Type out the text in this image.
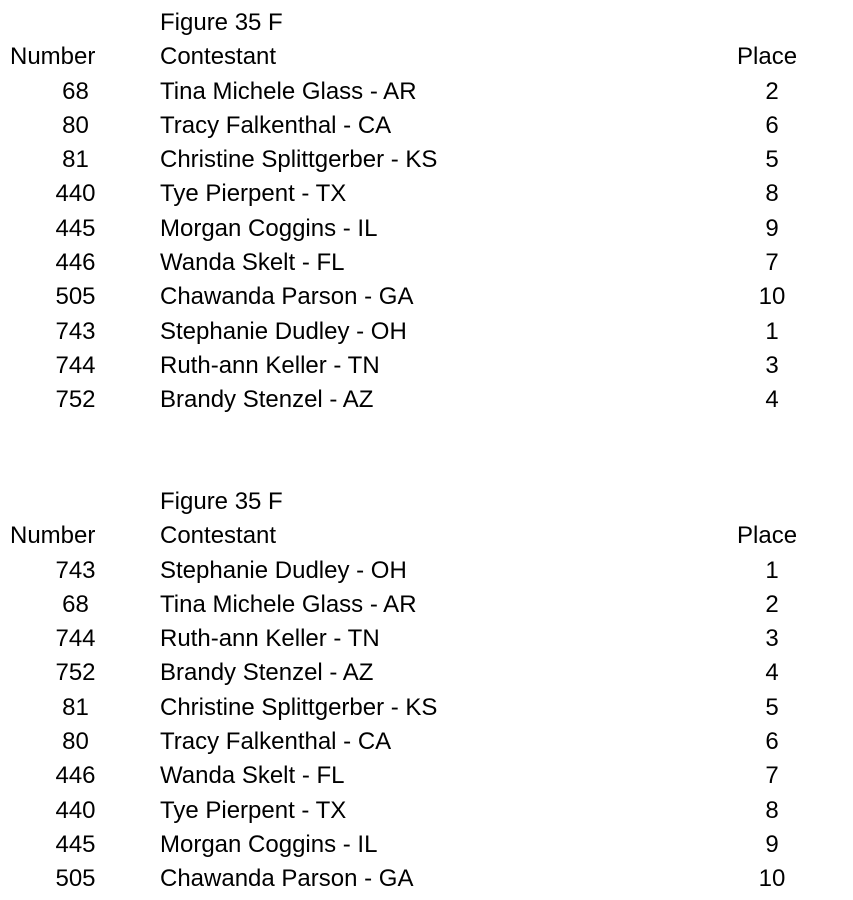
Figure 35 F
Number	Contestant	Place
68	Tina Michele Glass - AR	2
80	Tracy Falkenthal - CA	6
81	Christine Splittgerber - KS	5
440	Tye Pierpent - TX	8
445	Morgan Coggins - IL	9
446	Wanda Skelt - FL	7
505	Chawanda Parson - GA	10
743	Stephanie Dudley - OH	1
744	Ruth-ann Keller - TN	3
752	Brandy Stenzel - AZ	4
Figure 35 F
Number	Contestant	Place
743	Stephanie Dudley - OH	1
68	Tina Michele Glass - AR	2
744	Ruth-ann Keller - TN	3
752	Brandy Stenzel - AZ	4
81	Christine Splittgerber - KS	5
80	Tracy Falkenthal - CA	6
446	Wanda Skelt - FL	7
440	Tye Pierpent - TX	8
445	Morgan Coggins - IL	9
505	Chawanda Parson - GA	10
